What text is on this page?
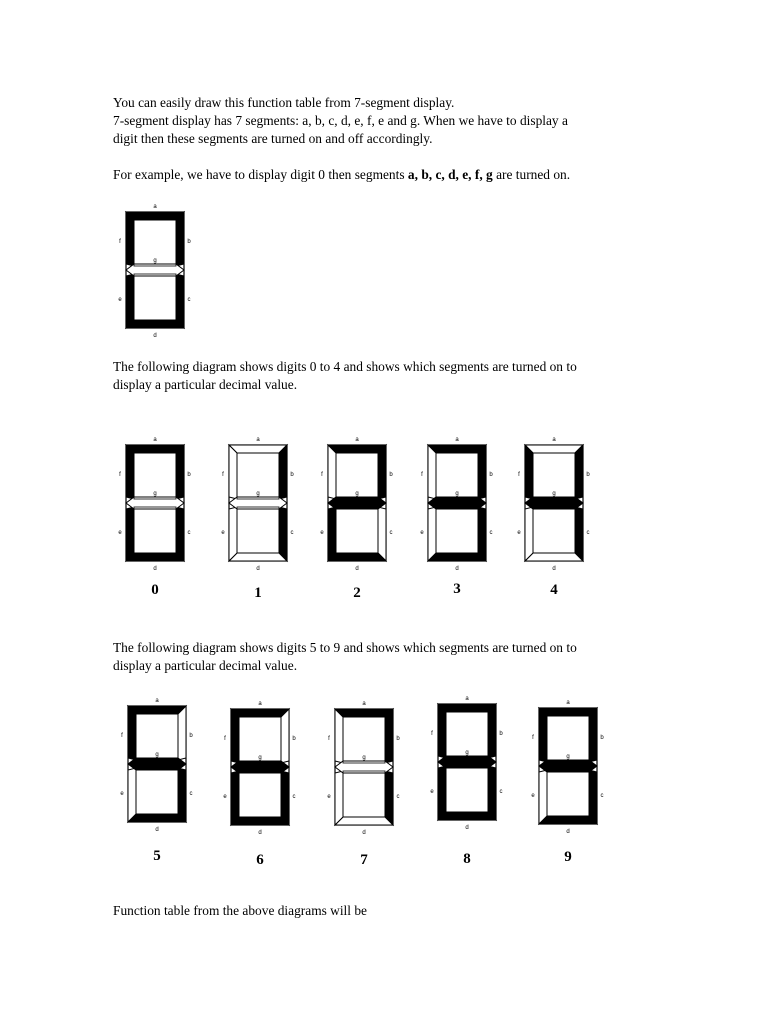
You can easily draw this function table from 7-segment display.
7-segment display has 7 segments: a, b, c, d, e, f, e and g. When we have to display a
digit then these segments are turned on and off accordingly.

For example, we have to display digit 0 then segments a, b, c, d, e, f, g are turned on.

The following diagram shows digits 0 to 4 and shows which segments are turned on to
display a particular decimal value.

The following diagram shows digits 5 to 9 and shows which segments are turned on to
display a particular decimal value.

Function table from the above diagrams will be

a
b
c
d
e
f
g
a
b
c
d
e
f
g
0
a
b
c
d
e
f
g
1
a
b
c
d
e
f
g
2
a
b
c
d
e
f
g
3
a
b
c
d
e
f
g
4
a
b
c
d
e
f
g
5
a
b
c
d
e
f
g
6
a
b
c
d
e
f
g
7
a
b
c
d
e
f
g
8
a
b
c
d
e
f
g
9
